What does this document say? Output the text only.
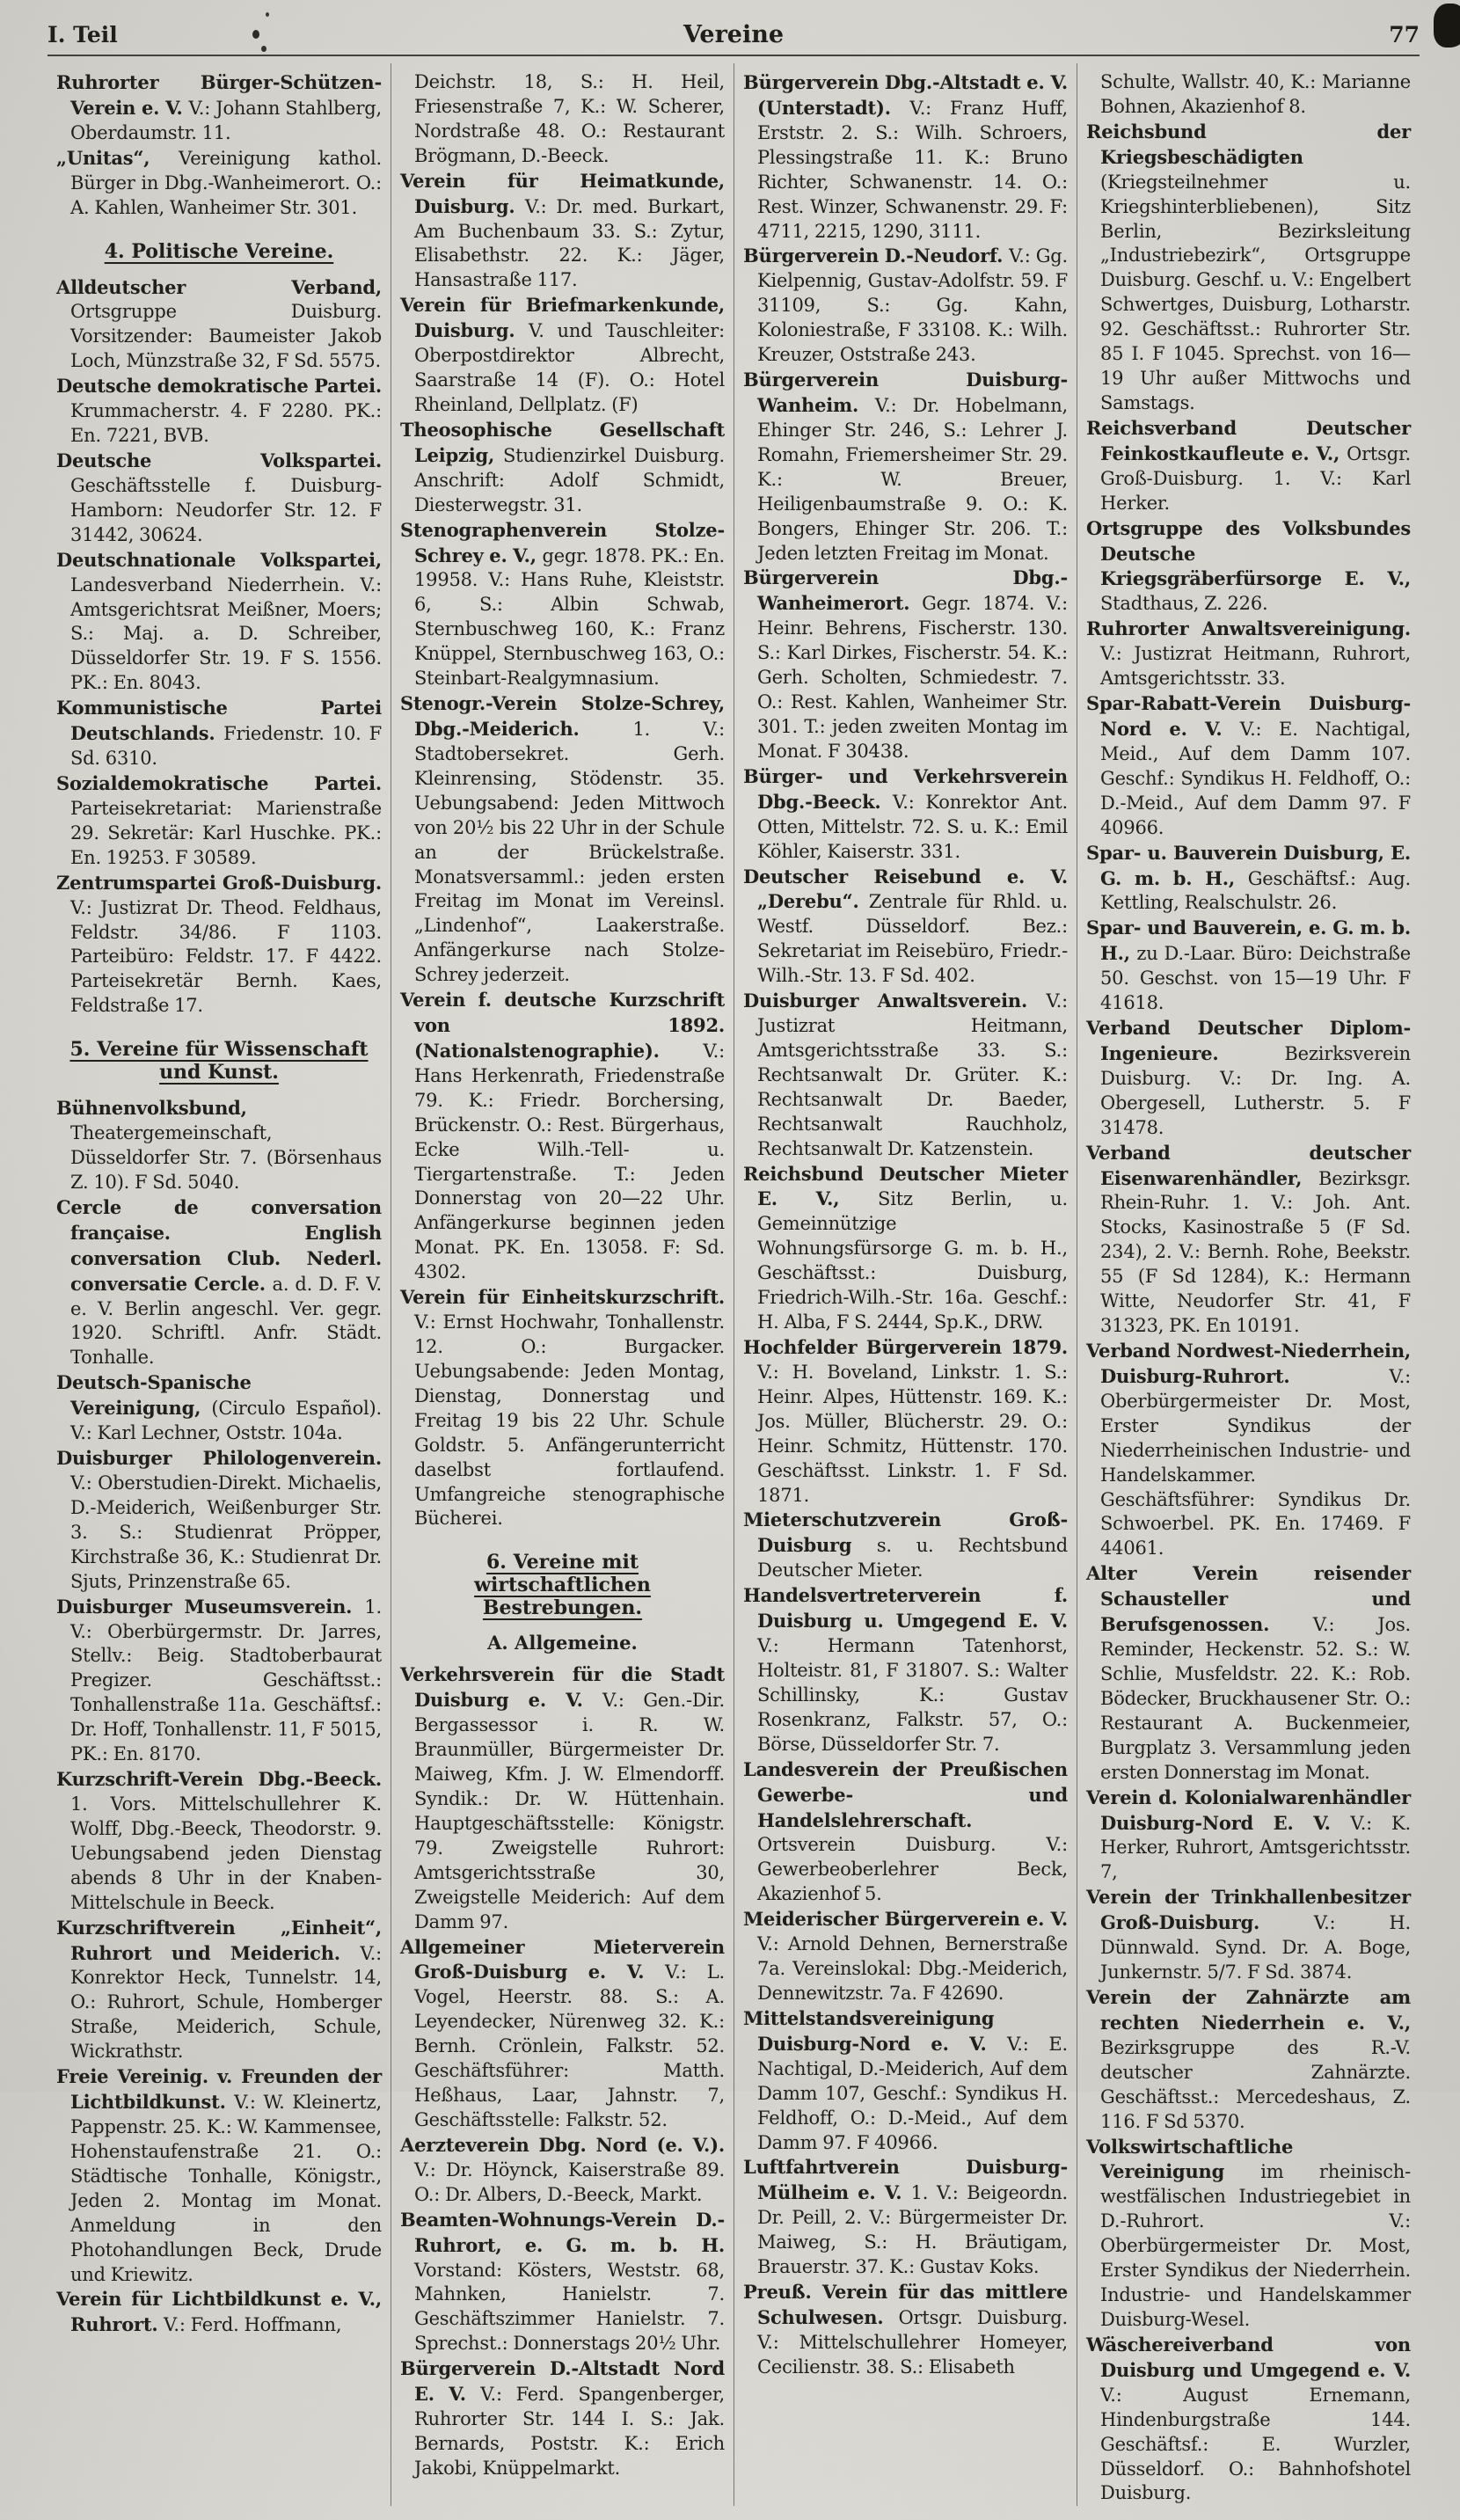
I. Teil	Vereine	77

Ruhrorter Bürger-Schützen-Verein e. V. V.: Johann Stahlberg, Oberdaumstr. 11.

„Unitas“, Vereinigung kathol. Bürger in Dbg.-Wanheimerort. O.: A. Kahlen, Wanheimer Str. 301.

4. Politische Vereine.

Alldeutscher Verband, Ortsgruppe Duisburg. Vorsitzender: Baumeister Jakob Loch, Münzstraße 32, F Sd. 5575.

Deutsche demokratische Partei. Krummacherstr. 4. F 2280. PK.: En. 7221, BVB.

Deutsche Volkspartei. Geschäftsstelle f. Duisburg-Hamborn: Neudorfer Str. 12. F 31442, 30624.

Deutschnationale Volkspartei, Landesverband Niederrhein. V.: Amtsgerichtsrat Meißner, Moers; S.: Maj. a. D. Schreiber, Düsseldorfer Str. 19. F S. 1556. PK.: En. 8043.

Kommunistische Partei Deutschlands. Friedenstr. 10. F Sd. 6310.

Sozialdemokratische Partei. Parteisekretariat: Marienstraße 29. Sekretär: Karl Huschke. PK.: En. 19253. F 30589.

Zentrumspartei Groß-Duisburg. V.: Justizrat Dr. Theod. Feldhaus, Feldstr. 34/86. F 1103. Parteibüro: Feldstr. 17. F 4422. Parteisekretär Bernh. Kaes, Feldstraße 17.

5. Vereine für Wissenschaft und Kunst.

Bühnenvolksbund, Theatergemeinschaft, Düsseldorfer Str. 7. (Börsenhaus Z. 10). F Sd. 5040.

Cercle de conversation française. English conversation Club. Nederl. conversatie Cercle. a. d. D. F. V. e. V. Berlin angeschl. Ver. gegr. 1920. Schriftl. Anfr. Städt. Tonhalle.

Deutsch-Spanische Vereinigung, (Circulo Español). V.: Karl Lechner, Oststr. 104a.

Duisburger Philologenverein. V.: Oberstudien-Direkt. Michaelis, D.-Meiderich, Weißenburger Str. 3. S.: Studienrat Pröpper, Kirchstraße 36, K.: Studienrat Dr. Sjuts, Prinzenstraße 65.

Duisburger Museumsverein. 1. V.: Oberbürgermstr. Dr. Jarres, Stellv.: Beig. Stadtoberbaurat Pregizer. Geschäftsst.: Tonhallenstraße 11a. Geschäftsf.: Dr. Hoff, Tonhallenstr. 11, F 5015, PK.: En. 8170.

Kurzschrift-Verein Dbg.-Beeck. 1. Vors. Mittelschullehrer K. Wolff, Dbg.-Beeck, Theodorstr. 9. Uebungsabend jeden Dienstag abends 8 Uhr in der Knaben-Mittelschule in Beeck.

Kurzschriftverein „Einheit“, Ruhrort und Meiderich. V.: Konrektor Heck, Tunnelstr. 14, O.: Ruhrort, Schule, Homberger Straße, Meiderich, Schule, Wickrathstr.

Freie Vereinig. v. Freunden der Lichtbildkunst. V.: W. Kleinertz, Pappenstr. 25. K.: W. Kammensee, Hohenstaufenstraße 21. O.: Städtische Tonhalle, Königstr., Jeden 2. Montag im Monat. Anmeldung in den Photohandlungen Beck, Drude und Kriewitz.

Verein für Lichtbildkunst e. V., Ruhrort. V.: Ferd. Hoffmann,

Deichstr. 18, S.: H. Heil, Friesenstraße 7, K.: W. Scherer, Nordstraße 48. O.: Restaurant Brögmann, D.-Beeck.

Verein für Heimatkunde, Duisburg. V.: Dr. med. Burkart, Am Buchenbaum 33. S.: Zytur, Elisabethstr. 22. K.: Jäger, Hansastraße 117.

Verein für Briefmarkenkunde, Duisburg. V. und Tauschleiter: Oberpostdirektor Albrecht, Saarstraße 14 (F). O.: Hotel Rheinland, Dellplatz. (F)

Theosophische Gesellschaft Leipzig, Studienzirkel Duisburg. Anschrift: Adolf Schmidt, Diesterwegstr. 31.

Stenographenverein Stolze-Schrey e. V., gegr. 1878. PK.: En. 19958. V.: Hans Ruhe, Kleiststr. 6, S.: Albin Schwab, Sternbuschweg 160, K.: Franz Knüppel, Sternbuschweg 163, O.: Steinbart-Realgymnasium.

Stenogr.-Verein Stolze-Schrey, Dbg.-Meiderich. 1. V.: Stadtobersekret. Gerh. Kleinrensing, Stödenstr. 35. Uebungsabend: Jeden Mittwoch von 20½ bis 22 Uhr in der Schule an der Brückelstraße. Monatsversamml.: jeden ersten Freitag im Monat im Vereinsl. „Lindenhof“, Laakerstraße. Anfängerkurse nach Stolze-Schrey jederzeit.

Verein f. deutsche Kurzschrift von 1892. (Nationalstenographie). V.: Hans Herkenrath, Friedenstraße 79. K.: Friedr. Borchersing, Brückenstr. O.: Rest. Bürgerhaus, Ecke Wilh.-Tell- u. Tiergartenstraße. T.: Jeden Donnerstag von 20—22 Uhr. Anfängerkurse beginnen jeden Monat. PK. En. 13058. F: Sd. 4302.

Verein für Einheitskurzschrift. V.: Ernst Hochwahr, Tonhallenstr. 12. O.: Burgacker. Uebungsabende: Jeden Montag, Dienstag, Donnerstag und Freitag 19 bis 22 Uhr. Schule Goldstr. 5. Anfängerunterricht daselbst fortlaufend. Umfangreiche stenographische Bücherei.

6. Vereine mit wirtschaftlichen Bestrebungen.
A. Allgemeine.

Verkehrsverein für die Stadt Duisburg e. V. V.: Gen.-Dir. Bergassessor i. R. W. Braunmüller, Bürgermeister Dr. Maiweg, Kfm. J. W. Elmendorff. Syndik.: Dr. W. Hüttenhain. Hauptgeschäftsstelle: Königstr. 79. Zweigstelle Ruhrort: Amtsgerichtsstraße 30, Zweigstelle Meiderich: Auf dem Damm 97.

Allgemeiner Mieterverein Groß-Duisburg e. V. V.: L. Vogel, Heerstr. 88. S.: A. Leyendecker, Nürenweg 32. K.: Bernh. Crönlein, Falkstr. 52. Geschäftsführer: Matth. Heßhaus, Laar, Jahnstr. 7, Geschäftsstelle: Falkstr. 52.

Aerzteverein Dbg. Nord (e. V.). V.: Dr. Höynck, Kaiserstraße 89. O.: Dr. Albers, D.-Beeck, Markt.

Beamten-Wohnungs-Verein D.-Ruhrort, e. G. m. b. H. Vorstand: Kösters, Weststr. 68, Mahnken, Hanielstr. 7. Geschäftszimmer Hanielstr. 7. Sprechst.: Donnerstags 20½ Uhr.

Bürgerverein D.-Altstadt Nord E. V. V.: Ferd. Spangenberger, Ruhrorter Str. 144 I. S.: Jak. Bernards, Poststr. K.: Erich Jakobi, Knüppelmarkt.

Bürgerverein Dbg.-Altstadt e. V. (Unterstadt). V.: Franz Huff, Erststr. 2. S.: Wilh. Schroers, Plessingstraße 11. K.: Bruno Richter, Schwanenstr. 14. O.: Rest. Winzer, Schwanenstr. 29. F: 4711, 2215, 1290, 3111.

Bürgerverein D.-Neudorf. V.: Gg. Kielpennig, Gustav-Adolfstr. 59. F 31109, S.: Gg. Kahn, Koloniestraße, F 33108. K.: Wilh. Kreuzer, Oststraße 243.

Bürgerverein Duisburg-Wanheim. V.: Dr. Hobelmann, Ehinger Str. 246, S.: Lehrer J. Romahn, Friemersheimer Str. 29. K.: W. Breuer, Heiligenbaumstraße 9. O.: K. Bongers, Ehinger Str. 206. T.: Jeden letzten Freitag im Monat.

Bürgerverein Dbg.-Wanheimerort. Gegr. 1874. V.: Heinr. Behrens, Fischerstr. 130. S.: Karl Dirkes, Fischerstr. 54. K.: Gerh. Scholten, Schmiedestr. 7. O.: Rest. Kahlen, Wanheimer Str. 301. T.: jeden zweiten Montag im Monat. F 30438.

Bürger- und Verkehrsverein Dbg.-Beeck. V.: Konrektor Ant. Otten, Mittelstr. 72. S. u. K.: Emil Köhler, Kaiserstr. 331.

Deutscher Reisebund e. V. „Derebu“. Zentrale für Rhld. u. Westf. Düsseldorf. Bez.: Sekretariat im Reisebüro, Friedr.-Wilh.-Str. 13. F Sd. 402.

Duisburger Anwaltsverein. V.: Justizrat Heitmann, Amtsgerichtsstraße 33. S.: Rechtsanwalt Dr. Grüter. K.: Rechtsanwalt Dr. Baeder, Rechtsanwalt Rauchholz, Rechtsanwalt Dr. Katzenstein.

Reichsbund Deutscher Mieter E. V., Sitz Berlin, u. Gemeinnützige Wohnungsfürsorge G. m. b. H., Geschäftsst.: Duisburg, Friedrich-Wilh.-Str. 16a. Geschf.: H. Alba, F S. 2444, Sp.K., DRW.

Hochfelder Bürgerverein 1879. V.: H. Boveland, Linkstr. 1. S.: Heinr. Alpes, Hüttenstr. 169. K.: Jos. Müller, Blücherstr. 29. O.: Heinr. Schmitz, Hüttenstr. 170. Geschäftsst. Linkstr. 1. F Sd. 1871.

Mieterschutzverein Groß-Duisburg s. u. Rechtsbund Deutscher Mieter.

Handelsvertreterverein f. Duisburg u. Umgegend E. V. V.: Hermann Tatenhorst, Holteistr. 81, F 31807. S.: Walter Schillinsky, K.: Gustav Rosenkranz, Falkstr. 57, O.: Börse, Düsseldorfer Str. 7.

Landesverein der Preußischen Gewerbe- und Handelslehrerschaft. Ortsverein Duisburg. V.: Gewerbeoberlehrer Beck, Akazienhof 5.

Meiderischer Bürgerverein e. V. V.: Arnold Dehnen, Bernerstraße 7a. Vereinslokal: Dbg.-Meiderich, Dennewitzstr. 7a. F 42690.

Mittelstandsvereinigung Duisburg-Nord e. V. V.: E. Nachtigal, D.-Meiderich, Auf dem Damm 107, Geschf.: Syndikus H. Feldhoff, O.: D.-Meid., Auf dem Damm 97. F 40966.

Luftfahrtverein Duisburg-Mülheim e. V. 1. V.: Beigeordn. Dr. Peill, 2. V.: Bürgermeister Dr. Maiweg, S.: H. Bräutigam, Brauerstr. 37. K.: Gustav Koks.

Preuß. Verein für das mittlere Schulwesen. Ortsgr. Duisburg. V.: Mittelschullehrer Homeyer, Cecilienstr. 38. S.: Elisabeth

Schulte, Wallstr. 40, K.: Marianne Bohnen, Akazienhof 8.

Reichsbund der Kriegsbeschädigten (Kriegsteilnehmer u. Kriegshinterbliebenen), Sitz Berlin, Bezirksleitung „Industriebezirk“, Ortsgruppe Duisburg. Geschf. u. V.: Engelbert Schwertges, Duisburg, Lotharstr. 92. Geschäftsst.: Ruhrorter Str. 85 I. F 1045. Sprechst. von 16—19 Uhr außer Mittwochs und Samstags.

Reichsverband Deutscher Feinkostkaufleute e. V., Ortsgr. Groß-Duisburg. 1. V.: Karl Herker.

Ortsgruppe des Volksbundes Deutsche Kriegsgräberfürsorge E. V., Stadthaus, Z. 226.

Ruhrorter Anwaltsvereinigung. V.: Justizrat Heitmann, Ruhrort, Amtsgerichtsstr. 33.

Spar-Rabatt-Verein Duisburg-Nord e. V. V.: E. Nachtigal, Meid., Auf dem Damm 107. Geschf.: Syndikus H. Feldhoff, O.: D.-Meid., Auf dem Damm 97. F 40966.

Spar- u. Bauverein Duisburg, E. G. m. b. H., Geschäftsf.: Aug. Kettling, Realschulstr. 26.

Spar- und Bauverein, e. G. m. b. H., zu D.-Laar. Büro: Deichstraße 50. Geschst. von 15—19 Uhr. F 41618.

Verband Deutscher Diplom-Ingenieure. Bezirksverein Duisburg. V.: Dr. Ing. A. Obergesell, Lutherstr. 5. F 31478.

Verband deutscher Eisenwarenhändler, Bezirksgr. Rhein-Ruhr. 1. V.: Joh. Ant. Stocks, Kasinostraße 5 (F Sd. 234), 2. V.: Bernh. Rohe, Beekstr. 55 (F Sd 1284), K.: Hermann Witte, Neudorfer Str. 41, F 31323, PK. En 10191.

Verband Nordwest-Niederrhein, Duisburg-Ruhrort. V.: Oberbürgermeister Dr. Most, Erster Syndikus der Niederrheinischen Industrie- und Handelskammer. Geschäftsführer: Syndikus Dr. Schwoerbel. PK. En. 17469. F 44061.

Alter Verein reisender Schausteller und Berufsgenossen. V.: Jos. Reminder, Heckenstr. 52. S.: W. Schlie, Musfeldstr. 22. K.: Rob. Bödecker, Bruckhausener Str. O.: Restaurant A. Buckenmeier, Burgplatz 3. Versammlung jeden ersten Donnerstag im Monat.

Verein d. Kolonialwarenhändler Duisburg-Nord E. V. V.: K. Herker, Ruhrort, Amtsgerichtsstr. 7,

Verein der Trinkhallenbesitzer Groß-Duisburg. V.: H. Dünnwald. Synd. Dr. A. Boge, Junkernstr. 5/7. F Sd. 3874.

Verein der Zahnärzte am rechten Niederrhein e. V., Bezirksgruppe des R.-V. deutscher Zahnärzte. Geschäftsst.: Mercedeshaus, Z. 116. F Sd 5370.

Volkswirtschaftliche Vereinigung im rheinisch-westfälischen Industriegebiet in D.-Ruhrort. V.: Oberbürgermeister Dr. Most, Erster Syndikus der Niederrhein. Industrie- und Handelskammer Duisburg-Wesel.

Wäschereiverband von Duisburg und Umgegend e. V. V.: August Ernemann, Hindenburgstraße 144. Geschäftsf.: E. Wurzler, Düsseldorf. O.: Bahnhofshotel Duisburg.
